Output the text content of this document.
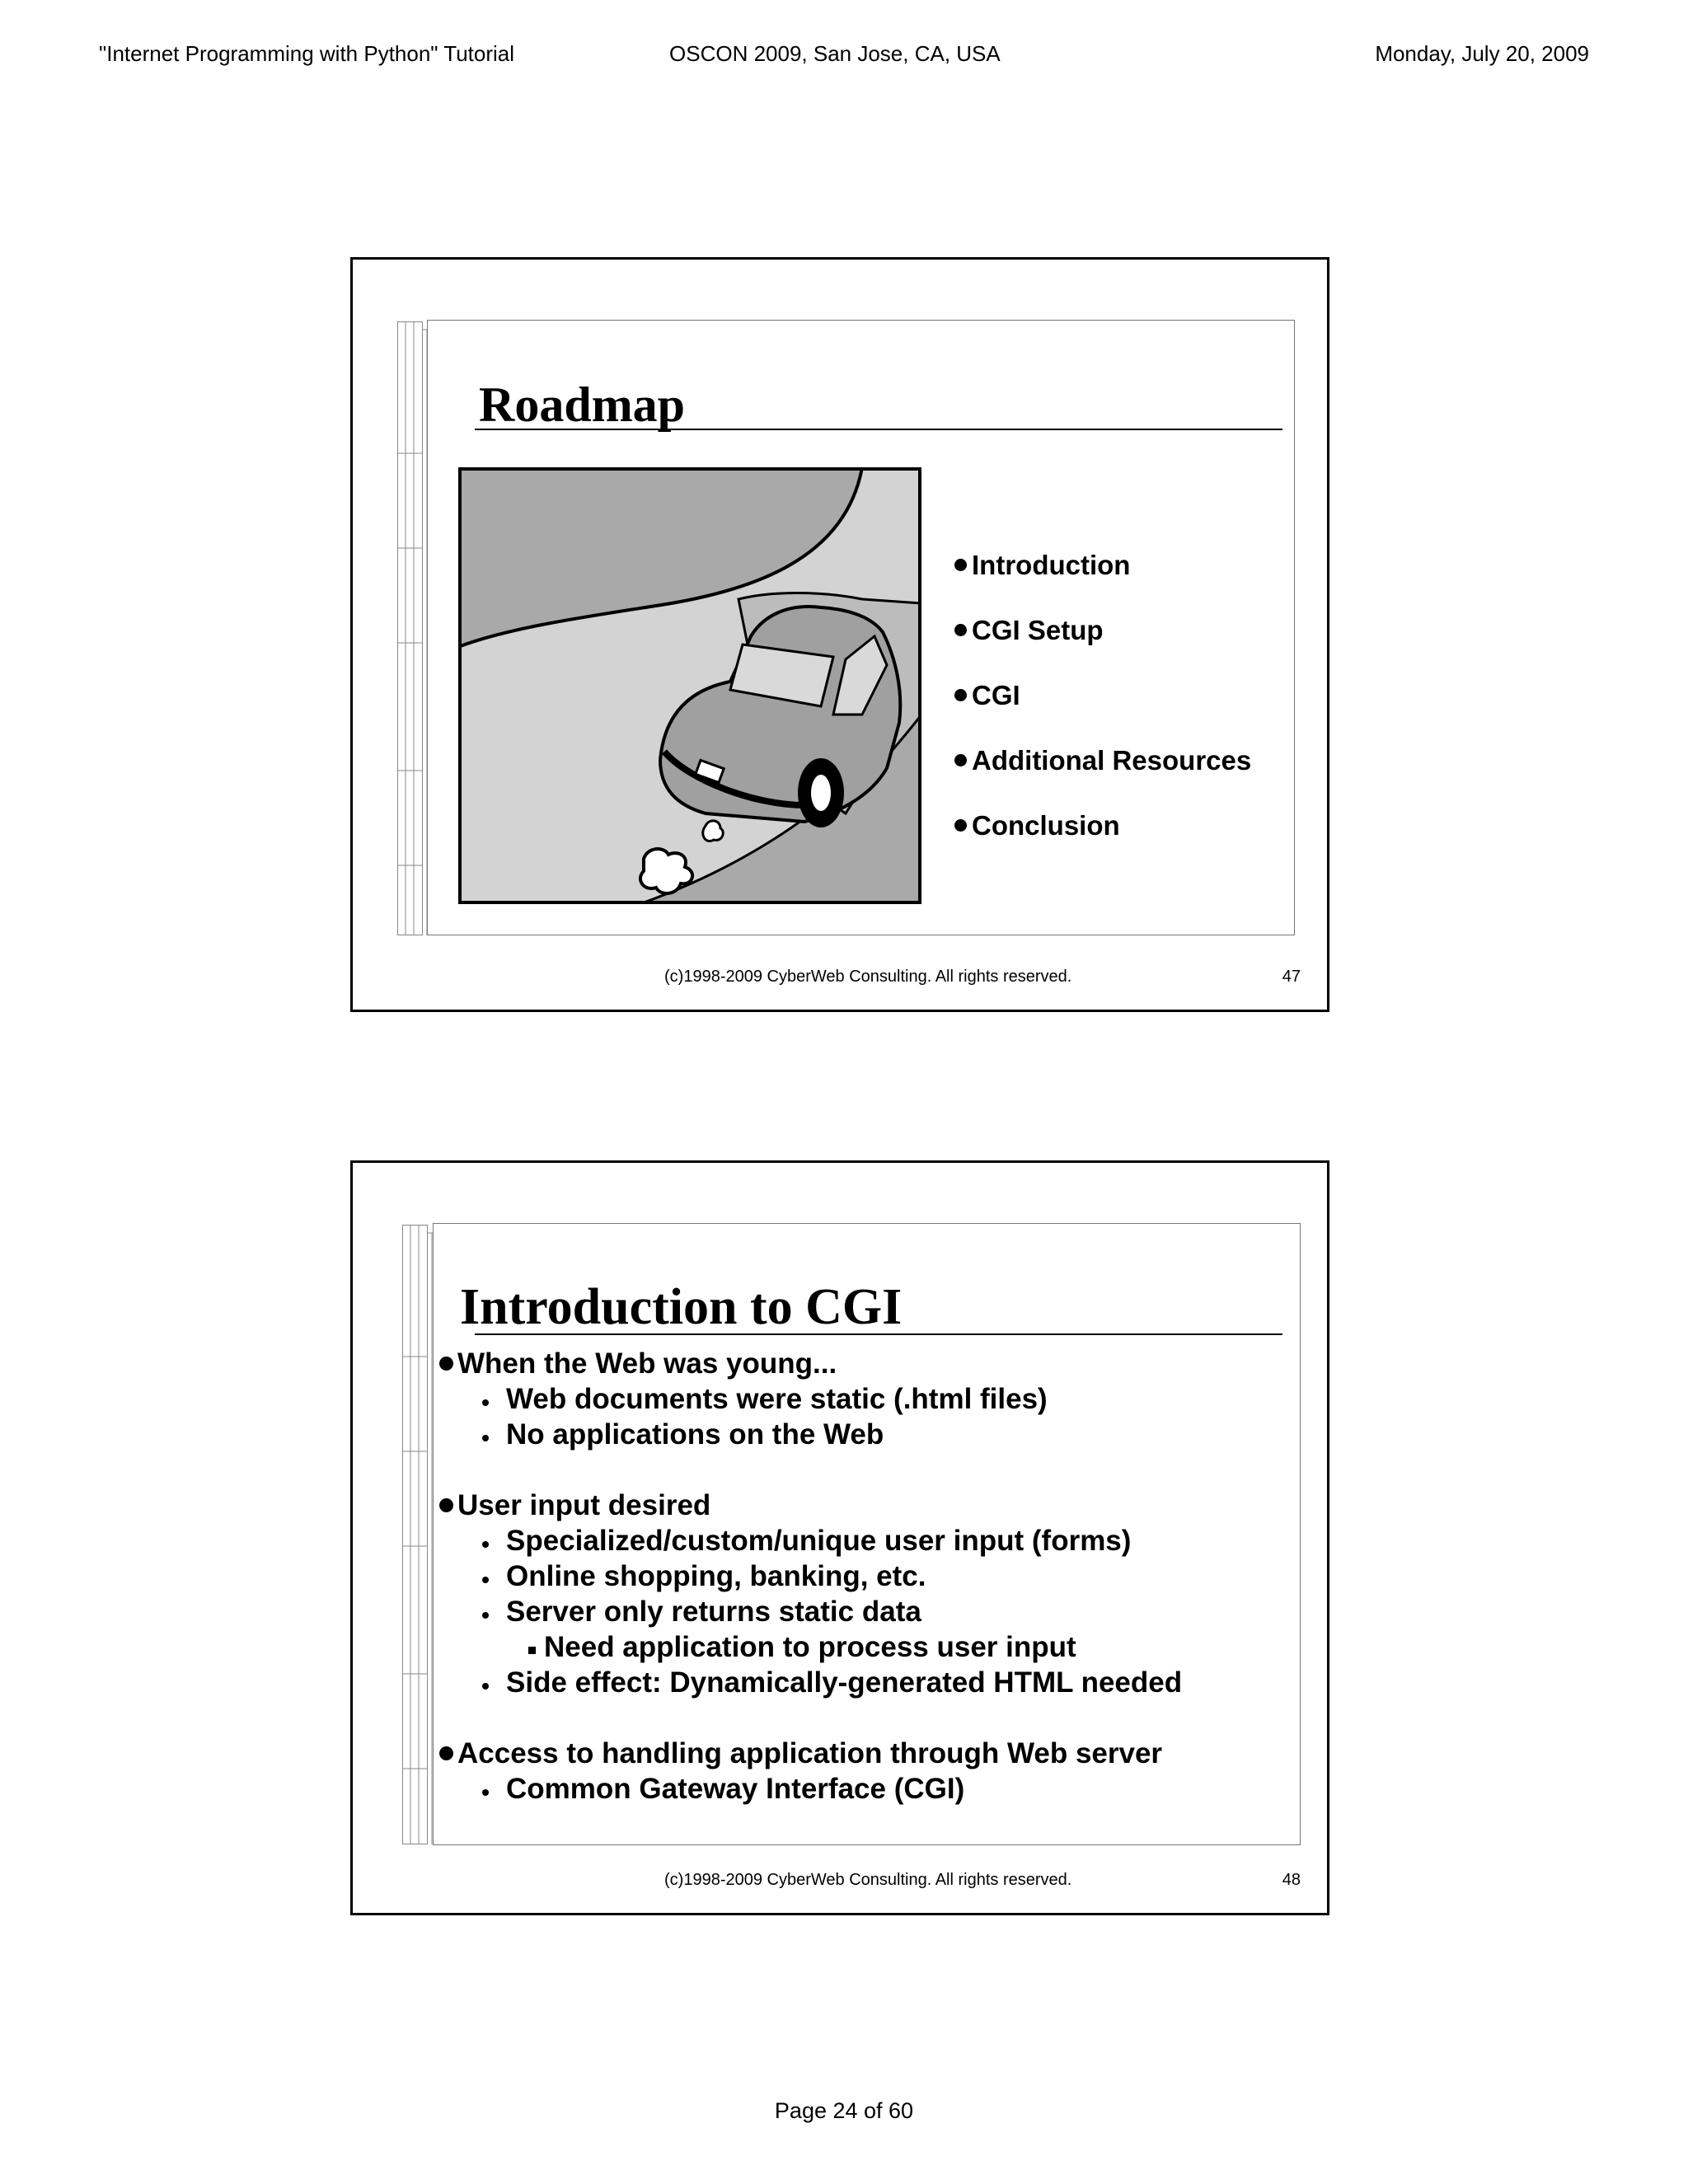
"Internet Programming with Python" Tutorial	OSCON 2009, San Jose, CA, USA	Monday, July 20, 2009
Roadmap
Introduction
CGI Setup
CGI
Additional Resources
Conclusion
(c)1998-2009 CyberWeb Consulting. All rights reserved.	47
Introduction to CGI
When the Web was young...
Web documents were static (.html files)
No applications on the Web
User input desired
Specialized/custom/unique user input (forms)
Online shopping, banking, etc.
Server only returns static data
Need application to process user input
Side effect: Dynamically-generated HTML needed
Access to handling application through Web server
Common Gateway Interface (CGI)
(c)1998-2009 CyberWeb Consulting. All rights reserved.	48
Page 24 of 60
